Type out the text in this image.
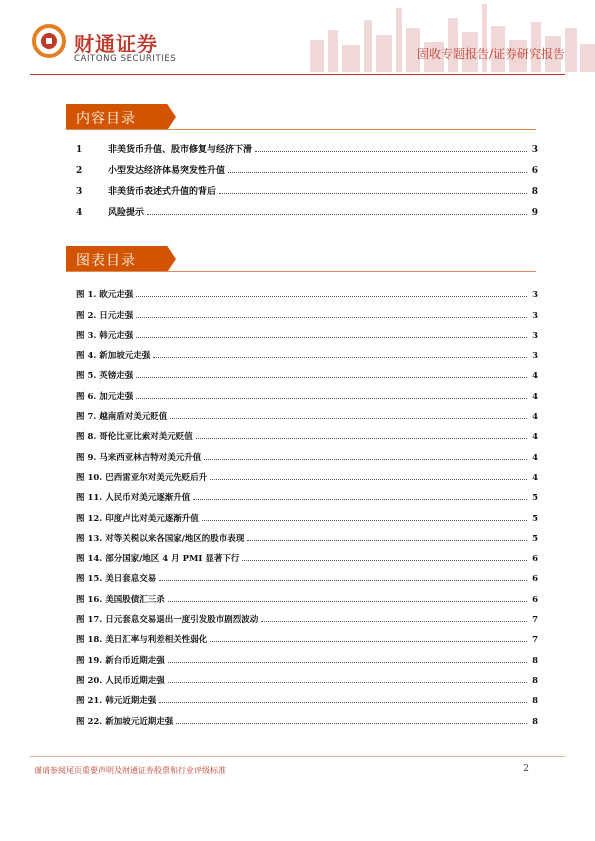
财通证券
CAITONG SECURITIES	固收专题报告/证券研究报告
内容目录
1	非美货币升值、股市修复与经济下滑	3
2	小型发达经济体易突发性升值	6
3	非美货币表述式升值的背后	8
4	风险提示	9
图表目录
图 1. 欧元走强	3
图 2. 日元走强	3
图 3. 韩元走强	3
图 4. 新加坡元走强	3
图 5. 英镑走强	4
图 6. 加元走强	4
图 7. 越南盾对美元贬值	4
图 8. 哥伦比亚比索对美元贬值	4
图 9. 马来西亚林吉特对美元升值	4
图 10. 巴西雷亚尔对美元先贬后升	4
图 11. 人民币对美元逐渐升值	5
图 12. 印度卢比对美元逐渐升值	5
图 13. 对等关税以来各国家/地区的股市表现	5
图 14. 部分国家/地区 4 月 PMI 显著下行	6
图 15. 美日套息交易	6
图 16. 美国股债汇三杀	6
图 17. 日元套息交易退出一度引发股市剧烈波动	7
图 18. 美日汇率与利差相关性弱化	7
图 19. 新台币近期走强	8
图 20. 人民币近期走强	8
图 21. 韩元近期走强	8
图 22. 新加坡元近期走强	8
谨请参阅尾页重要声明及财通证券股票和行业评级标准	2
